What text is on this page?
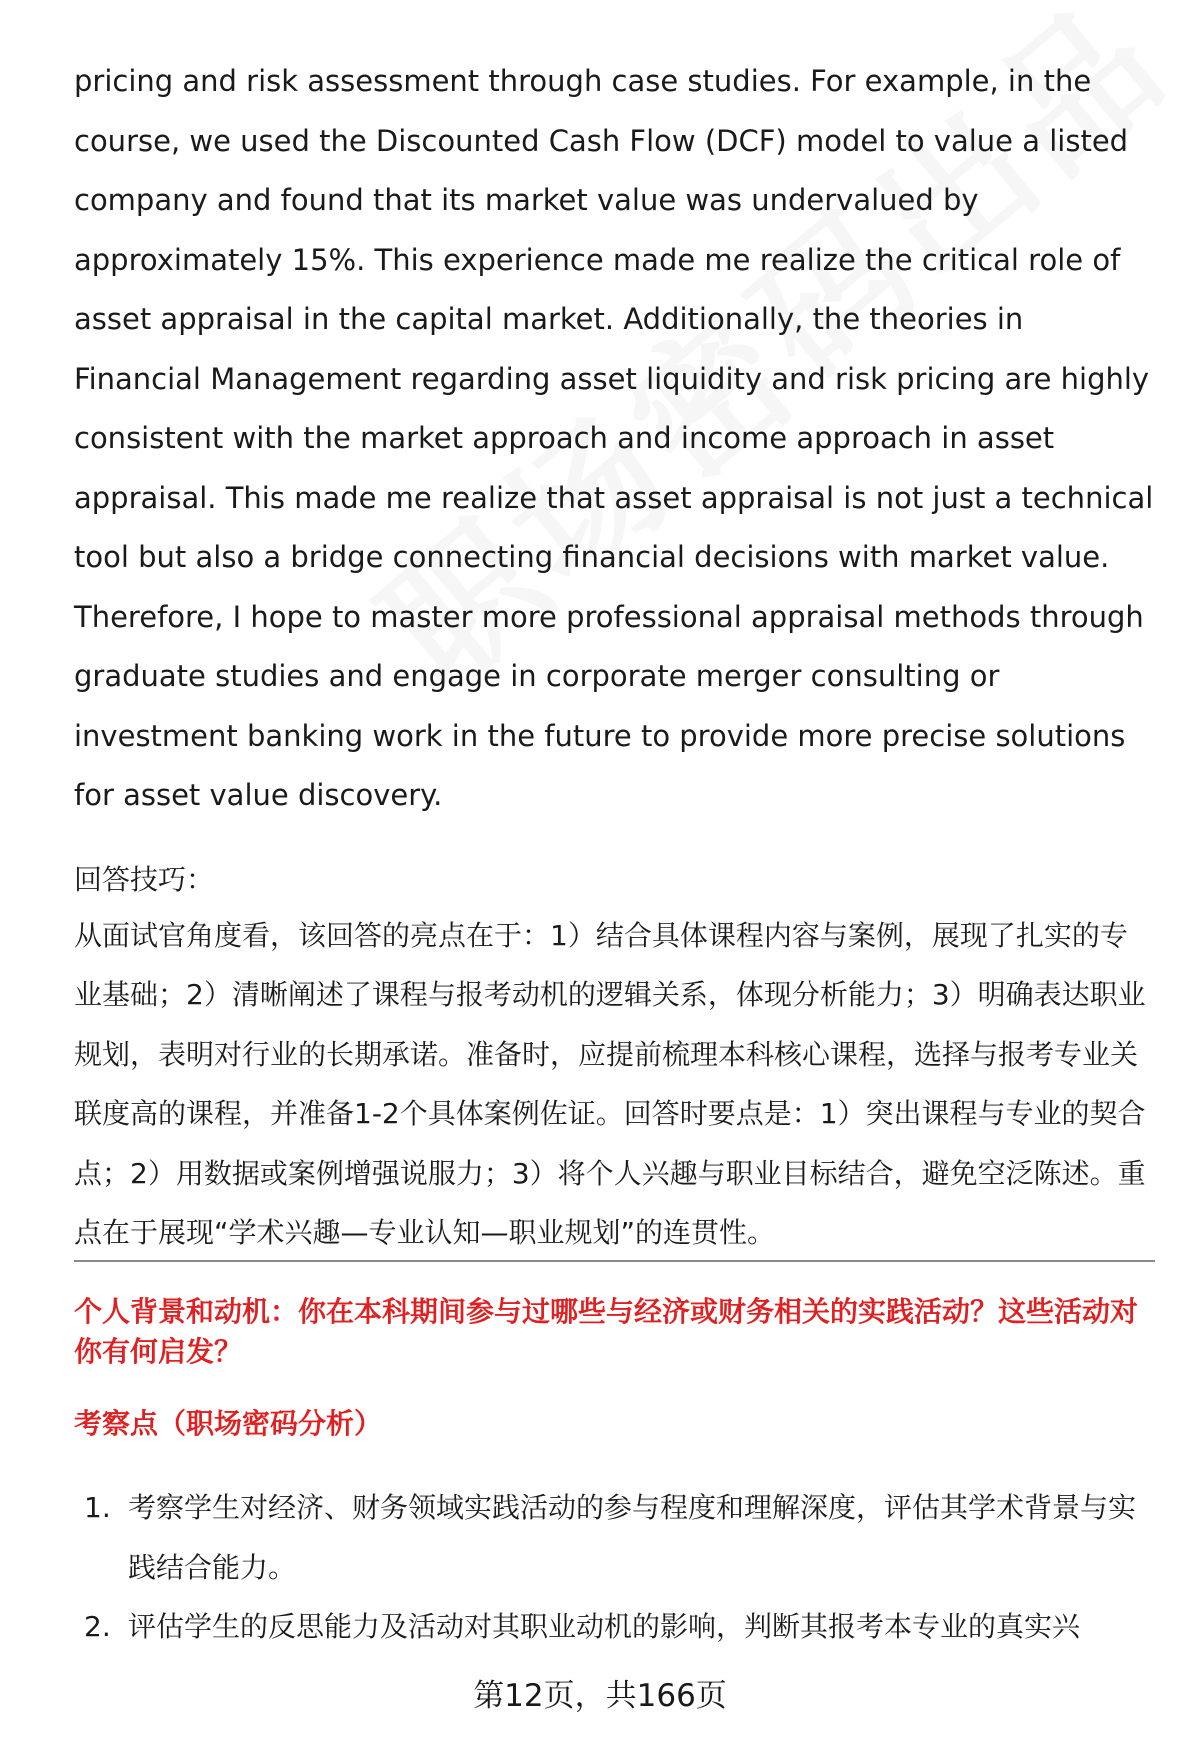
pricing and risk assessment through case studies. For example, in the course, we used the Discounted Cash Flow (DCF) model to value a listed company and found that its market value was undervalued by approximately 15%. This experience made me realize the critical role of asset appraisal in the capital market. Additionally, the theories in Financial Management regarding asset liquidity and risk pricing are highly consistent with the market approach and income approach in asset appraisal. This made me realize that asset appraisal is not just a technical tool but also a bridge connecting financial decisions with market value. Therefore, I hope to master more professional appraisal methods through graduate studies and engage in corporate merger consulting or investment banking work in the future to provide more precise solutions for asset value discovery.

回答技巧：

从面试官角度看，该回答的亮点在于：1）结合具体课程内容与案例，展现了扎实的专业基础；2）清晰阐述了课程与报考动机的逻辑关系，体现分析能力；3）明确表达职业规划，表明对行业的长期承诺。准备时，应提前梳理本科核心课程，选择与报考专业关联度高的课程，并准备1-2个具体案例佐证。回答时要点是：1）突出课程与专业的契合点；2）用数据或案例增强说服力；3）将个人兴趣与职业目标结合，避免空泛陈述。重点在于展现“学术兴趣—专业认知—职业规划”的连贯性。

个人背景和动机：你在本科期间参与过哪些与经济或财务相关的实践活动？这些活动对你有何启发？

考察点（职场密码分析）

1. 考察学生对经济、财务领域实践活动的参与程度和理解深度，评估其学术背景与实践结合能力。
2. 评估学生的反思能力及活动对其职业动机的影响，判断其报考本专业的真实兴
第12页，共166页
